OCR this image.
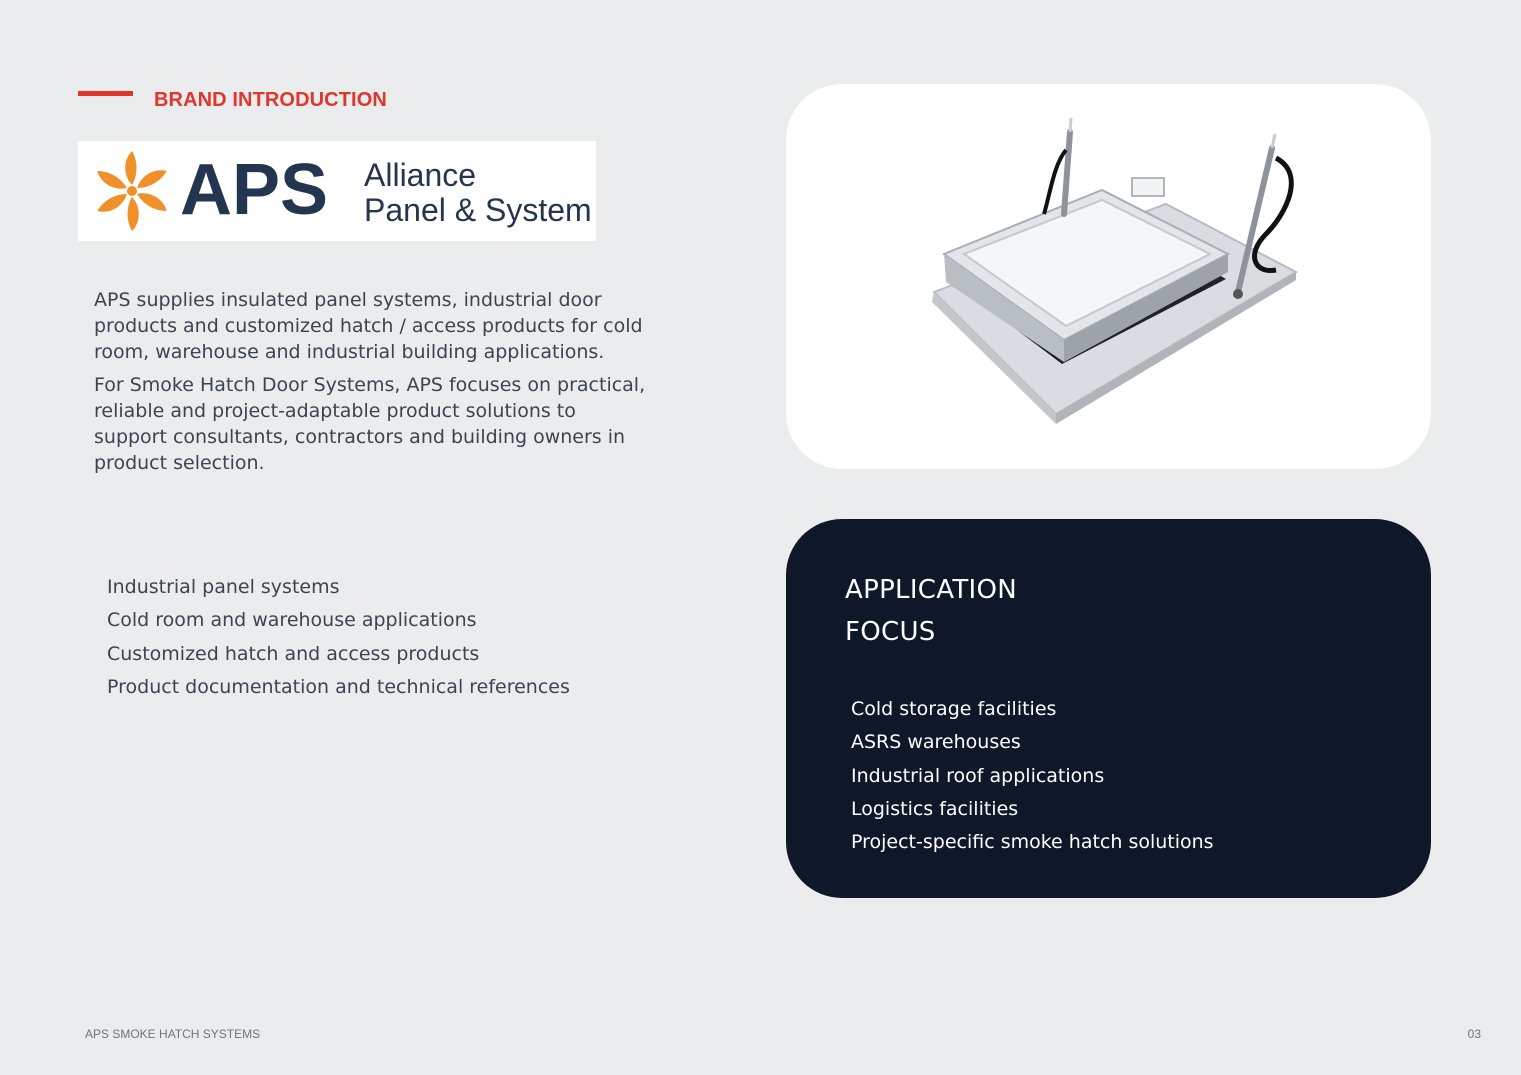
BRAND INTRODUCTION
APS Alliance
Panel & System

APS supplies insulated panel systems, industrial door products and customized hatch / access products for cold room, warehouse and industrial building applications.

For Smoke Hatch Door Systems, APS focuses on practical, reliable and project-adaptable product solutions to support consultants, contractors and building owners in product selection.

Industrial panel systems
Cold room and warehouse applications
Customized hatch and access products
Product documentation and technical references
APPLICATION
FOCUS
Cold storage facilities
ASRS warehouses
Industrial roof applications
Logistics facilities
Project-specific smoke hatch solutions
APS SMOKE HATCH SYSTEMS	03
